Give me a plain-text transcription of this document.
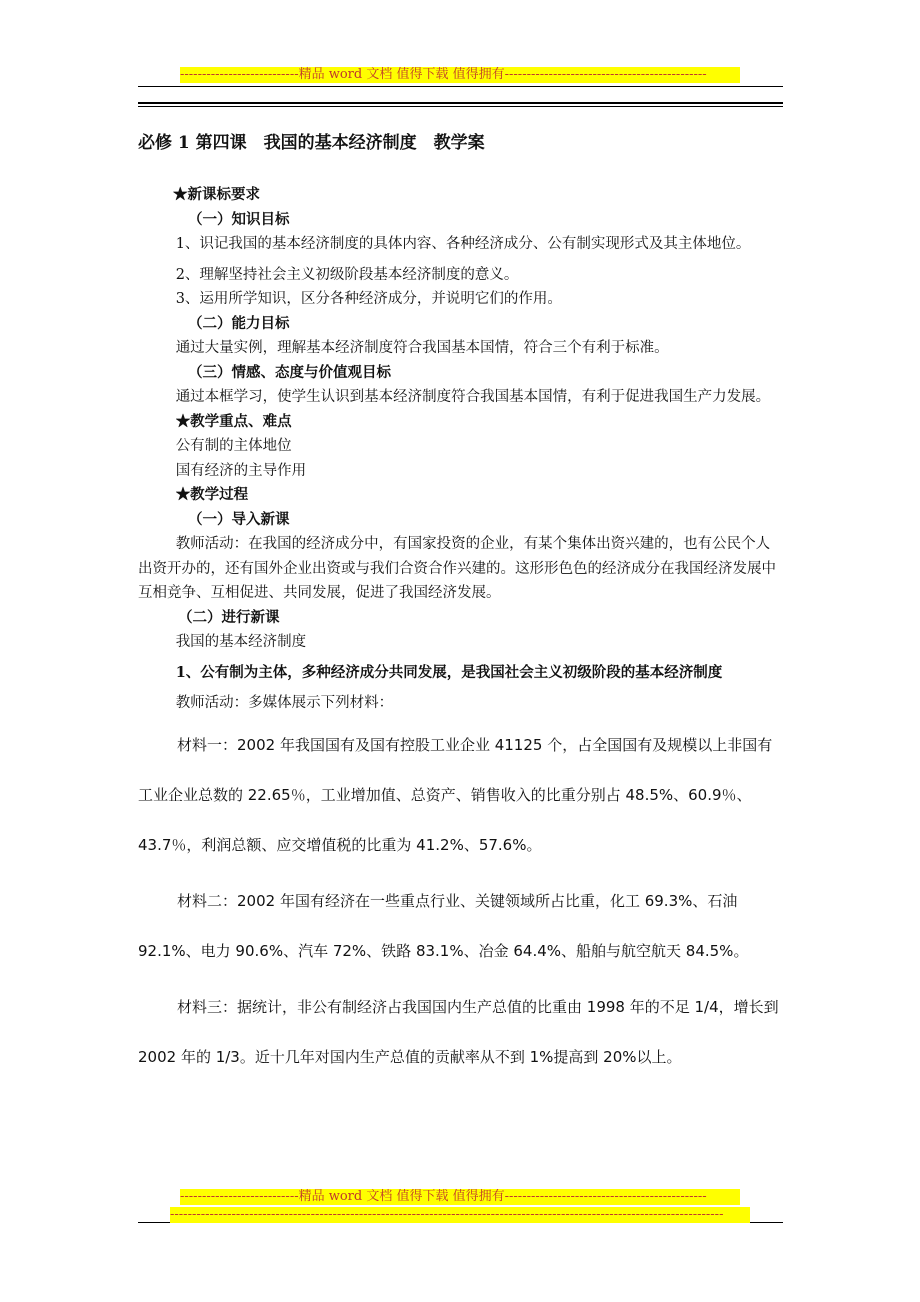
---------------------------精品 word 文档 值得下载 值得拥有----------------------------------------------
必修 1 第四课　我国的基本经济制度　教学案

★新课标要求

（一）知识目标

1、识记我国的基本经济制度的具体内容、各种经济成分、公有制实现形式及其主体地位。

2、理解坚持社会主义初级阶段基本经济制度的意义。

3、运用所学知识，区分各种经济成分，并说明它们的作用。

（二）能力目标

通过大量实例，理解基本经济制度符合我国基本国情，符合三个有利于标准。

（三）情感、态度与价值观目标

通过本框学习，使学生认识到基本经济制度符合我国基本国情，有利于促进我国生产力发展。

★教学重点、难点

公有制的主体地位

国有经济的主导作用

★教学过程

（一）导入新课

教师活动：在我国的经济成分中，有国家投资的企业，有某个集体出资兴建的，也有公民个人出资开办的，还有国外企业出资或与我们合资合作兴建的。这形形色色的经济成分在我国经济发展中互相竞争、互相促进、共同发展，促进了我国经济发展。

（二）进行新课

我国的基本经济制度

1、公有制为主体，多种经济成分共同发展，是我国社会主义初级阶段的基本经济制度

教师活动：多媒体展示下列材料：

材料一：2002 年我国国有及国有控股工业企业 41125 个，占全国国有及规模以上非国有工业企业总数的 22.65％，工业增加值、总资产、销售收入的比重分别占 48.5%、60.9％、43.7％，利润总额、应交增值税的比重为 41.2%、57.6%。

材料二：2002 年国有经济在一些重点行业、关键领域所占比重，化工 69.3%、石油 92.1%、电力 90.6%、汽车 72%、铁路 83.1%、冶金 64.4%、船舶与航空航天 84.5%。

材料三：据统计，非公有制经济占我国国内生产总值的比重由 1998 年的不足 1/4，增长到 2002 年的 1/3。近十几年对国内生产总值的贡献率从不到 1%提高到 20%以上。

---------------------------精品 word 文档 值得下载 值得拥有----------------------------------------------
------------------------------------------------------------------------------------------------------------------------------
